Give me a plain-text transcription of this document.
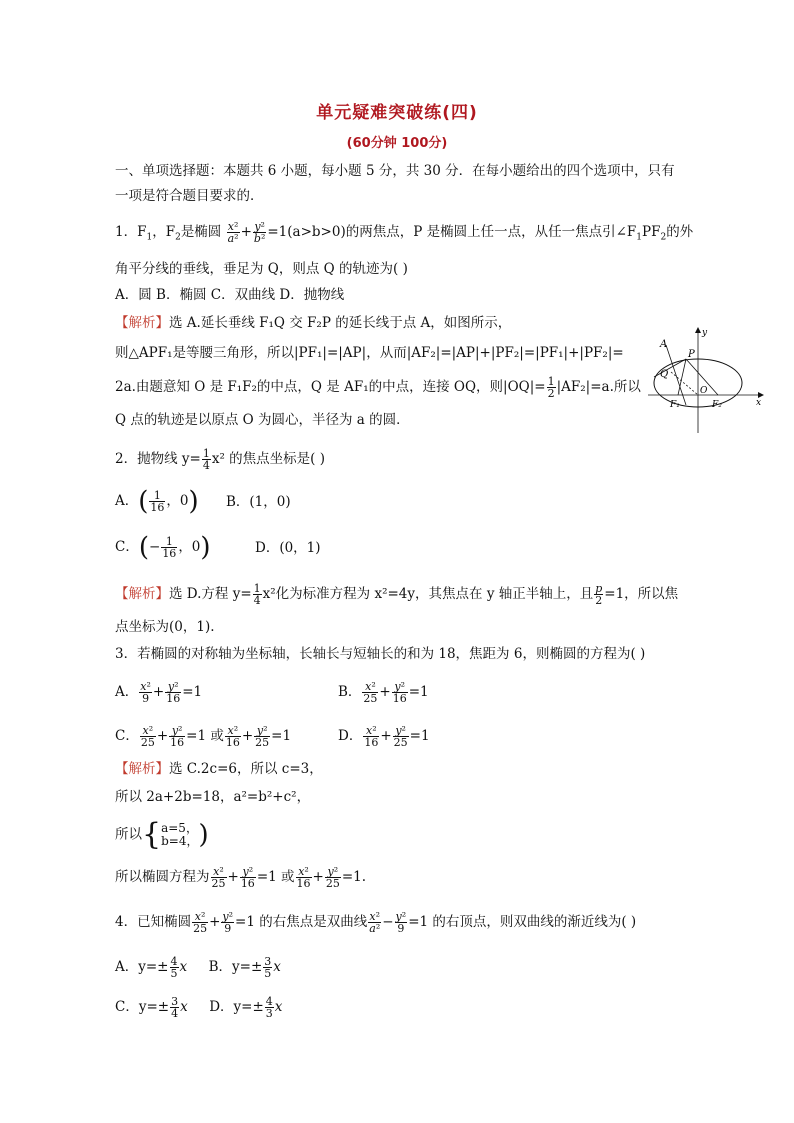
单元疑难突破练(四)
(60分钟 100分)
一、单项选择题：本题共 6 小题，每小题 5 分，共 30 分．在每小题给出的四个选项中，只有
一项是符合题目要求的．
1．$F_1$，$F_2$是椭圆 $\frac{\text{x²}}{\text{a²}} + \frac{\text{y²}}{\text{b²}} =1(a>b>0)$的两焦点，P 是椭圆上任一点，从任一焦点引$\angle F_1PF_2$的外
角平分线的垂线，垂足为 Q，则点 Q 的轨迹为( )
A．圆 B．椭圆 C．双曲线 D．抛物线
【解析】选 A.延长垂线 F₁Q 交 F₂P 的延长线于点 A，如图所示，
则△APF₁是等腰三角形，所以|PF₁|=|AP|，从而|AF₂|=|AP|+|PF₂|=|PF₁|+|PF₂|=
2a.由题意知 O 是 F₁F₂的中点，Q 是 AF₁的中点，连接 OQ，则$|OQ|= \frac{1}{2} |AF_2|=a$.所以
Q 点的轨迹是以原点 O 为圆心，半径为 a 的圆．
A
P
Q
O
F₁	F₂	x
y
2．抛物线 $y= \frac{1}{4} x^2$ 的焦点坐标是( )
A．( $\frac{1}{16}$ ，0) B．(1，0)
C．(− $\frac{1}{16}$ ，0)	D．(0，1)
【解析】选 D.方程 $y= \frac{1}{4} x^2$化为标准方程为 x²=4y，其焦点在 y 轴正半轴上，且 $\frac{p}{2} =1$，所以焦
点坐标为(0，1).
3．若椭圆的对称轴为坐标轴，长轴长与短轴长的和为 18，焦距为 6，则椭圆的方程为( )
A． $\frac{\text{x²}}{9} + \frac{\text{y²}}{16} =1$	B． $\frac{\text{x²}}{25} + \frac{\text{y²}}{16} =1$
C． $\frac{\text{x²}}{25} + \frac{\text{y²}}{16} =1$ 或 $\frac{\text{x²}}{16} + \frac{\text{y²}}{25} =1$	D． $\frac{\text{x²}}{16} + \frac{\text{y²}}{25} =1$
【解析】选 C.2c=6，所以 c=3，
所以 2a+2b=18，a²=b²+c²，
所以{ a=5，
b=4， )
所以椭圆方程为 $\frac{\text{x²}}{25} + \frac{\text{y²}}{16} =1$ 或 $\frac{\text{x²}}{16} + \frac{\text{y²}}{25} =1$.
4．已知椭圆 $\frac{\text{x²}}{25} + \frac{\text{y²}}{9} =1$ 的右焦点是双曲线 $\frac{\text{x²}}{\text{a²}} - \frac{\text{y²}}{9} =1$ 的右顶点，则双曲线的渐近线为( )
A．$y=\pm \frac{4}{5}$ x B．$y=\pm \frac{3}{5}$ x
C．$y=\pm \frac{3}{4}$ x D．$y=\pm \frac{4}{3}$ x
